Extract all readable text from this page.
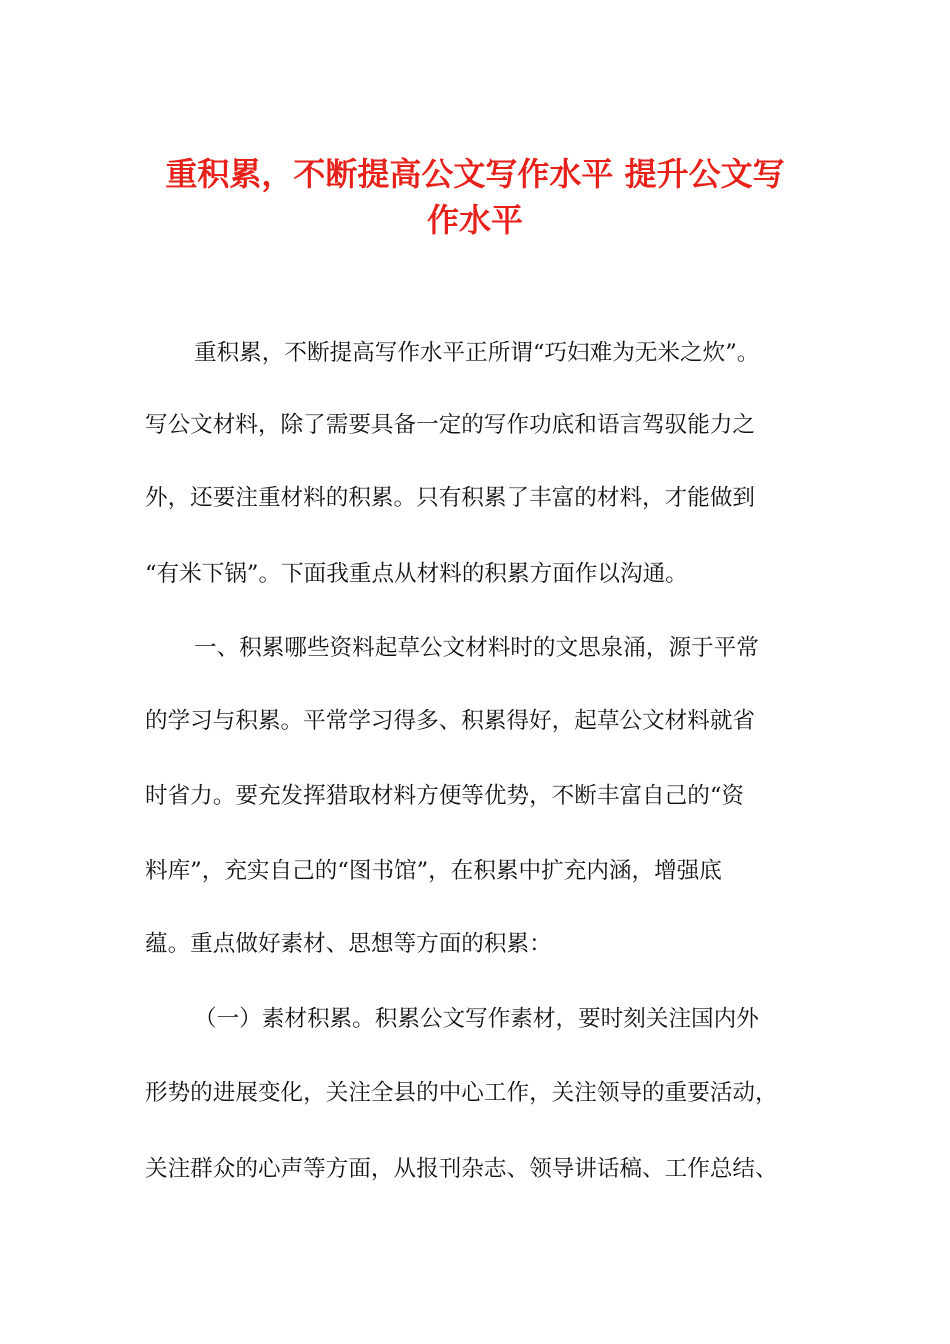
重积累，不断提高公文写作水平 提升公文写
作水平

重积累，不断提高写作水平正所谓“巧妇难为无米之炊”。

写公文材料，除了需要具备一定的写作功底和语言驾驭能力之

外，还要注重材料的积累。只有积累了丰富的材料，才能做到

“有米下锅”。下面我重点从材料的积累方面作以沟通。

一、积累哪些资料起草公文材料时的文思泉涌，源于平常

的学习与积累。平常学习得多、积累得好，起草公文材料就省

时省力。要充发挥猎取材料方便等优势，不断丰富自己的“资

料库”，充实自己的“图书馆”，在积累中扩充内涵，增强底

蕴。重点做好素材、思想等方面的积累：

（一）素材积累。积累公文写作素材，要时刻关注国内外

形势的进展变化，关注全县的中心工作，关注领导的重要活动，

关注群众的心声等方面，从报刊杂志、领导讲话稿、工作总结、
